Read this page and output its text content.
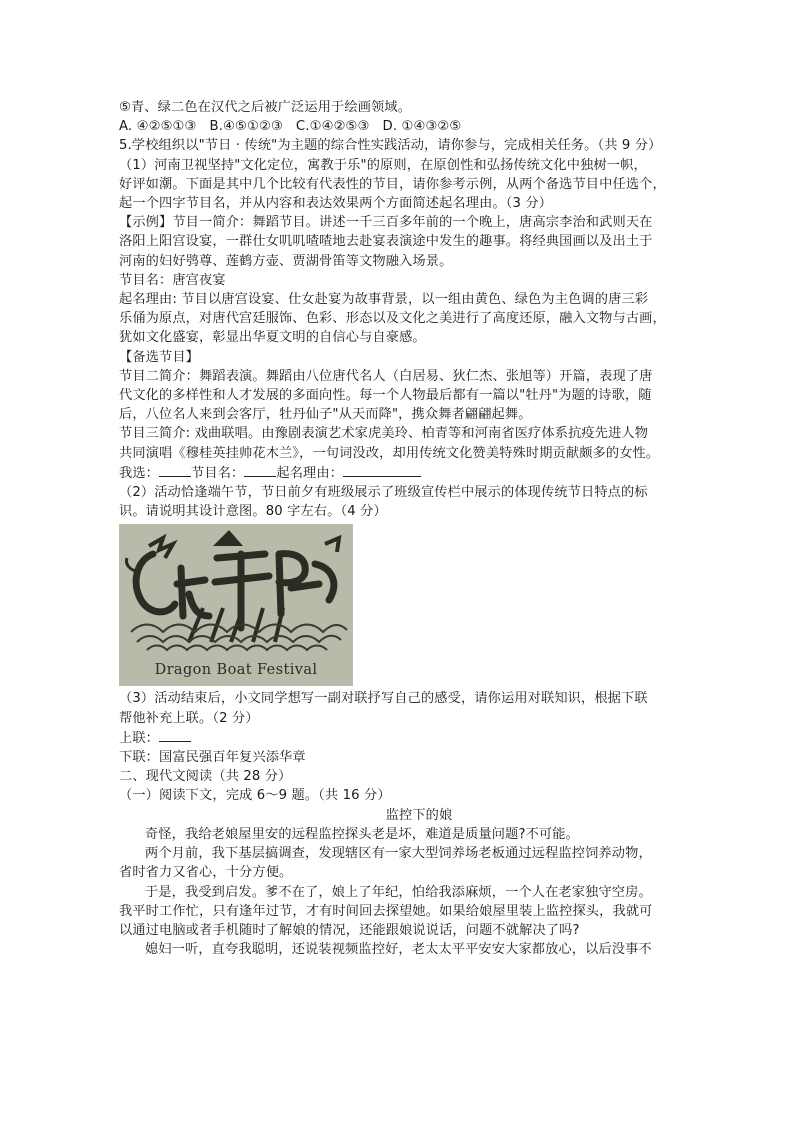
⑤青、绿二色在汉代之后被广泛运用于绘画领域。
A. ④②⑤①③   B.④⑤①②③   C.①④②⑤③   D. ①④③②⑤
5.学校组织以"节日 · 传统"为主题的综合性实践活动，请你参与，完成相关任务。（共 9 分）
（1）河南卫视坚持"文化定位，寓教于乐"的原则，在原创性和弘扬传统文化中独树一帜，
好评如潮。下面是其中几个比较有代表性的节目，请你参考示例，从两个备选节目中任选个，
起一个四字节目名，并从内容和表达效果两个方面简述起名理由。（3 分）
【示例】节目一简介：舞蹈节目。讲述一千三百多年前的一个晚上，唐高宗李治和武则天在
洛阳上阳宫设宴，一群仕女叽叽喳喳地去赴宴表演途中发生的趣事。将经典国画以及出土于
河南的妇好鸮尊、莲鹤方壶、贾湖骨笛等文物融入场景。
节目名：唐宫夜宴
起名理由: 节目以唐宫设宴、仕女赴宴为故事背景，以一组由黄色、绿色为主色调的唐三彩
乐俑为原点，对唐代宫廷服饰、色彩、形态以及文化之美进行了高度还原，融入文物与古画，
犹如文化盛宴，彰显出华夏文明的自信心与自豪感。
【备选节目】
节目二简介：舞蹈表演。舞蹈由八位唐代名人（白居易、狄仁杰、张旭等）开篇，表现了唐
代文化的多样性和人才发展的多面向性。每一个人物最后都有一篇以"牡丹"为题的诗歌，随
后，八位名人来到会客厅，牡丹仙子"从天而降"，携众舞者翩翩起舞。
节目三简介: 戏曲联唱。由豫剧表演艺术家虎美玲、柏青等和河南省医疗体系抗疫先进人物
共同演唱《穆桂英挂帅花木兰》，一句词没改，却用传统文化赞美特殊时期贡献颇多的女性。
我选： 节目名： 起名理由：
（2）活动恰逢端午节，节日前夕有班级展示了班级宣传栏中展示的体现传统节日特点的标
识。请说明其设计意图。80 字左右。（4 分）
Dragon Boat Festival
（3）活动结束后，小文同学想写一副对联抒写自己的感受，请你运用对联知识，根据下联
帮他补充上联。（2 分）
上联：
下联：国富民强百年复兴添华章
二、现代文阅读（共 28 分）
（一）阅读下文，完成 6～9 题。（共 16 分）
监控下的娘
奇怪，我给老娘屋里安的远程监控探头老是坏，难道是质量问题?不可能。
两个月前，我下基层搞调查，发现辖区有一家大型饲养场老板通过远程监控饲养动物，
省时省力又省心，十分方便。
于是，我受到启发。爹不在了，娘上了年纪，怕给我添麻烦，一个人在老家独守空房。
我平时工作忙，只有逢年过节，才有时间回去探望她。如果给娘屋里装上监控探头，我就可
以通过电脑或者手机随时了解娘的情况，还能跟娘说说话，问题不就解决了吗?
媳妇一听，直夸我聪明，还说装视频监控好，老太太平平安安大家都放心，以后没事不
